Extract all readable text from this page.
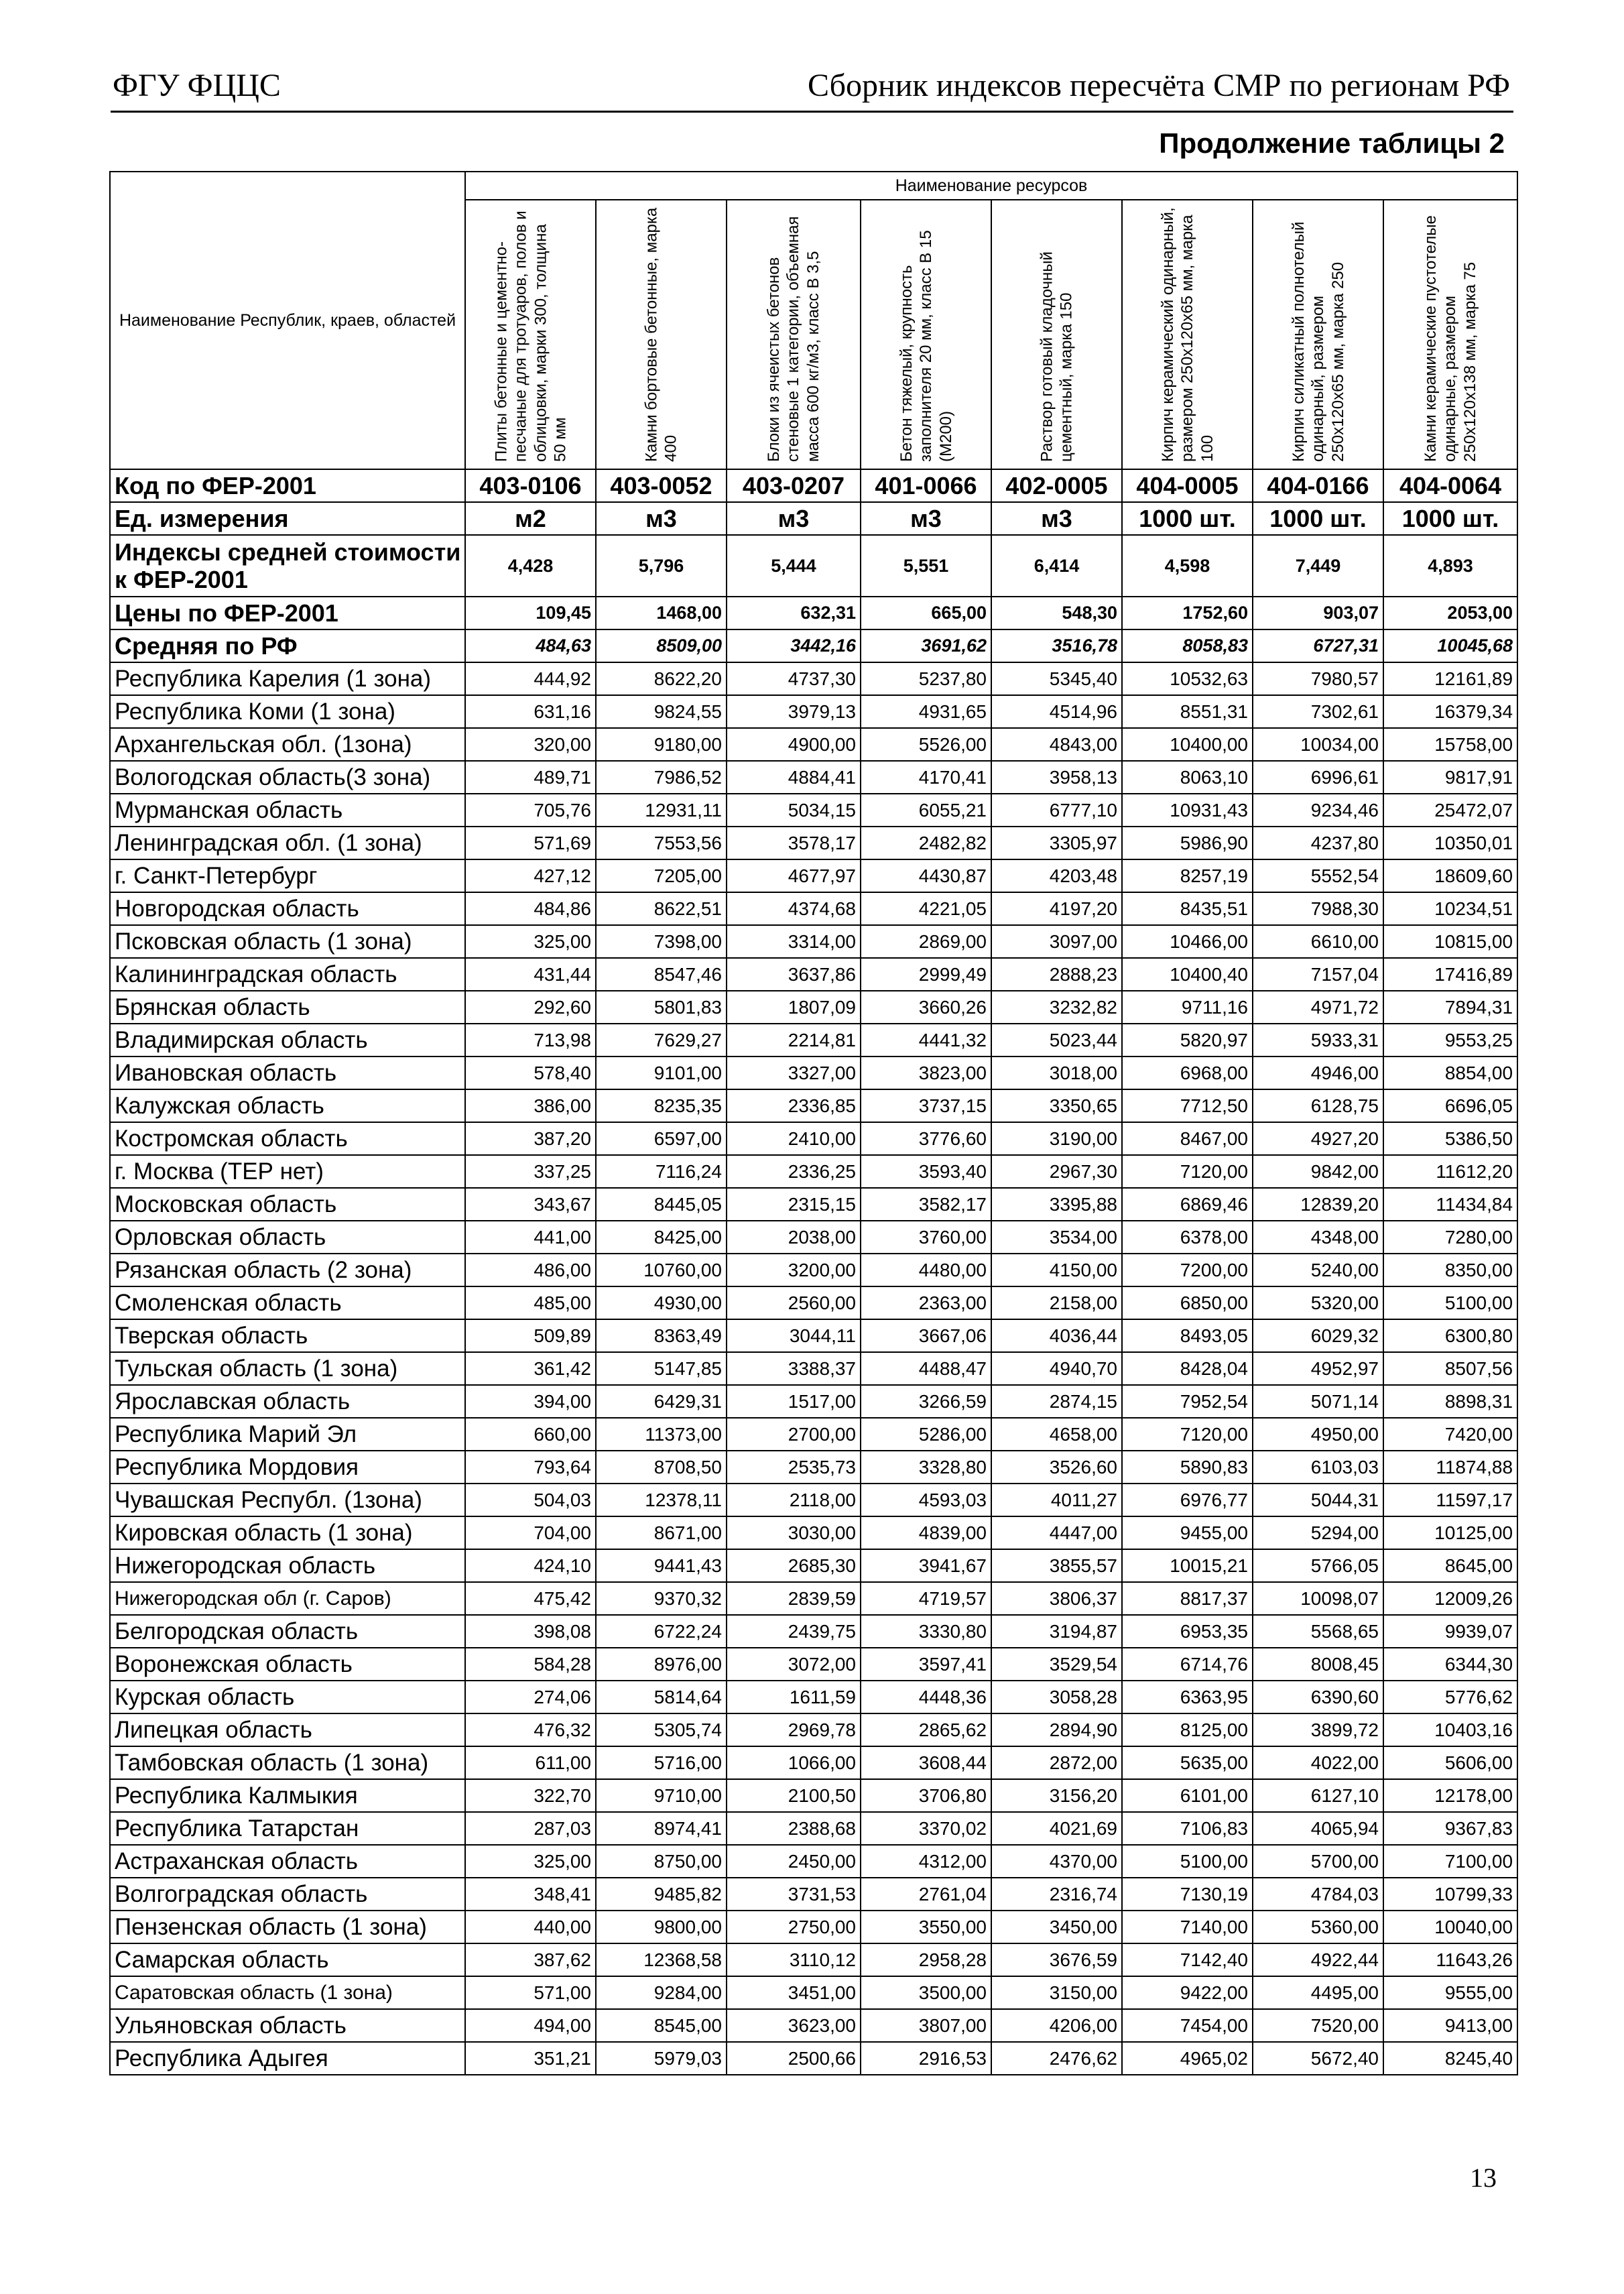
ФГУ ФЦЦС	Сборник индексов пересчёта СМР по регионам РФ
Продолжение таблицы 2
Наименование Республик, краев, областей	Наименование ресурсов							

	Плиты бетонные и цементно-песчаные для тротуаров, полов и облицовки, марки 300, толщина 50 мм	Камни бортовые бетонные, марка 400	Блоки из ячеистых бетонов стеновые 1 категории, объемная масса 600 кг/м3, класс В 3,5	Бетон тяжелый, крупность заполнителя 20 мм, класс В 15 (М200)	Раствор готовый кладочный цементный, марка 150	Кирпич керамический одинарный, размером 250х120х65 мм, марка 100	Кирпич силикатный полнотелый одинарный, размером 250х120х65 мм, марка 250	Камни керамические пустотелые одинарные, размером 250х120х138 мм, марка 75

Код по ФЕР-2001	403-0106	403-0052	403-0207	401-0066	402-0005	404-0005	404-0166	404-0064
Ед. измерения	м2	м3	м3	м3	м3	1000 шт.	1000 шт.	1000 шт.
Индексы средней стоимости к ФЕР-2001	4,428	5,796	5,444	5,551	6,414	4,598	7,449	4,893
Цены по ФЕР-2001	109,45	1468,00	632,31	665,00	548,30	1752,60	903,07	2053,00
Средняя по РФ	484,63	8509,00	3442,16	3691,62	3516,78	8058,83	6727,31	10045,68
Республика Карелия (1 зона)	444,92	8622,20	4737,30	5237,80	5345,40	10532,63	7980,57	12161,89
Республика Коми (1 зона)	631,16	9824,55	3979,13	4931,65	4514,96	8551,31	7302,61	16379,34
Архангельская обл. (1зона)	320,00	9180,00	4900,00	5526,00	4843,00	10400,00	10034,00	15758,00
Вологодская область(3 зона)	489,71	7986,52	4884,41	4170,41	3958,13	8063,10	6996,61	9817,91
Мурманская область	705,76	12931,11	5034,15	6055,21	6777,10	10931,43	9234,46	25472,07
Ленинградская обл. (1 зона)	571,69	7553,56	3578,17	2482,82	3305,97	5986,90	4237,80	10350,01
г. Санкт-Петербург	427,12	7205,00	4677,97	4430,87	4203,48	8257,19	5552,54	18609,60
Новгородская область	484,86	8622,51	4374,68	4221,05	4197,20	8435,51	7988,30	10234,51
Псковская область (1 зона)	325,00	7398,00	3314,00	2869,00	3097,00	10466,00	6610,00	10815,00
Калининградская область	431,44	8547,46	3637,86	2999,49	2888,23	10400,40	7157,04	17416,89
Брянская область	292,60	5801,83	1807,09	3660,26	3232,82	9711,16	4971,72	7894,31
Владимирская область	713,98	7629,27	2214,81	4441,32	5023,44	5820,97	5933,31	9553,25
Ивановская область	578,40	9101,00	3327,00	3823,00	3018,00	6968,00	4946,00	8854,00
Калужская область	386,00	8235,35	2336,85	3737,15	3350,65	7712,50	6128,75	6696,05
Костромская область	387,20	6597,00	2410,00	3776,60	3190,00	8467,00	4927,20	5386,50
г. Москва (ТЕР нет)	337,25	7116,24	2336,25	3593,40	2967,30	7120,00	9842,00	11612,20
Московская область	343,67	8445,05	2315,15	3582,17	3395,88	6869,46	12839,20	11434,84
Орловская область	441,00	8425,00	2038,00	3760,00	3534,00	6378,00	4348,00	7280,00
Рязанская область (2 зона)	486,00	10760,00	3200,00	4480,00	4150,00	7200,00	5240,00	8350,00
Смоленская область	485,00	4930,00	2560,00	2363,00	2158,00	6850,00	5320,00	5100,00
Тверская область	509,89	8363,49	3044,11	3667,06	4036,44	8493,05	6029,32	6300,80
Тульская область (1 зона)	361,42	5147,85	3388,37	4488,47	4940,70	8428,04	4952,97	8507,56
Ярославская область	394,00	6429,31	1517,00	3266,59	2874,15	7952,54	5071,14	8898,31
Республика Марий Эл	660,00	11373,00	2700,00	5286,00	4658,00	7120,00	4950,00	7420,00
Республика Мордовия	793,64	8708,50	2535,73	3328,80	3526,60	5890,83	6103,03	11874,88
Чувашская Республ. (1зона)	504,03	12378,11	2118,00	4593,03	4011,27	6976,77	5044,31	11597,17
Кировская область (1 зона)	704,00	8671,00	3030,00	4839,00	4447,00	9455,00	5294,00	10125,00
Нижегородская область	424,10	9441,43	2685,30	3941,67	3855,57	10015,21	5766,05	8645,00
Нижегородская обл (г. Саров)	475,42	9370,32	2839,59	4719,57	3806,37	8817,37	10098,07	12009,26
Белгородская область	398,08	6722,24	2439,75	3330,80	3194,87	6953,35	5568,65	9939,07
Воронежская область	584,28	8976,00	3072,00	3597,41	3529,54	6714,76	8008,45	6344,30
Курская область	274,06	5814,64	1611,59	4448,36	3058,28	6363,95	6390,60	5776,62
Липецкая область	476,32	5305,74	2969,78	2865,62	2894,90	8125,00	3899,72	10403,16
Тамбовская область (1 зона)	611,00	5716,00	1066,00	3608,44	2872,00	5635,00	4022,00	5606,00
Республика Калмыкия	322,70	9710,00	2100,50	3706,80	3156,20	6101,00	6127,10	12178,00
Республика Татарстан	287,03	8974,41	2388,68	3370,02	4021,69	7106,83	4065,94	9367,83
Астраханская область	325,00	8750,00	2450,00	4312,00	4370,00	5100,00	5700,00	7100,00
Волгоградская область	348,41	9485,82	3731,53	2761,04	2316,74	7130,19	4784,03	10799,33
Пензенская область (1 зона)	440,00	9800,00	2750,00	3550,00	3450,00	7140,00	5360,00	10040,00
Самарская область	387,62	12368,58	3110,12	2958,28	3676,59	7142,40	4922,44	11643,26
Саратовская область (1 зона)	571,00	9284,00	3451,00	3500,00	3150,00	9422,00	4495,00	9555,00
Ульяновская область	494,00	8545,00	3623,00	3807,00	4206,00	7454,00	7520,00	9413,00
Республика Адыгея	351,21	5979,03	2500,66	2916,53	2476,62	4965,02	5672,40	8245,40
13
